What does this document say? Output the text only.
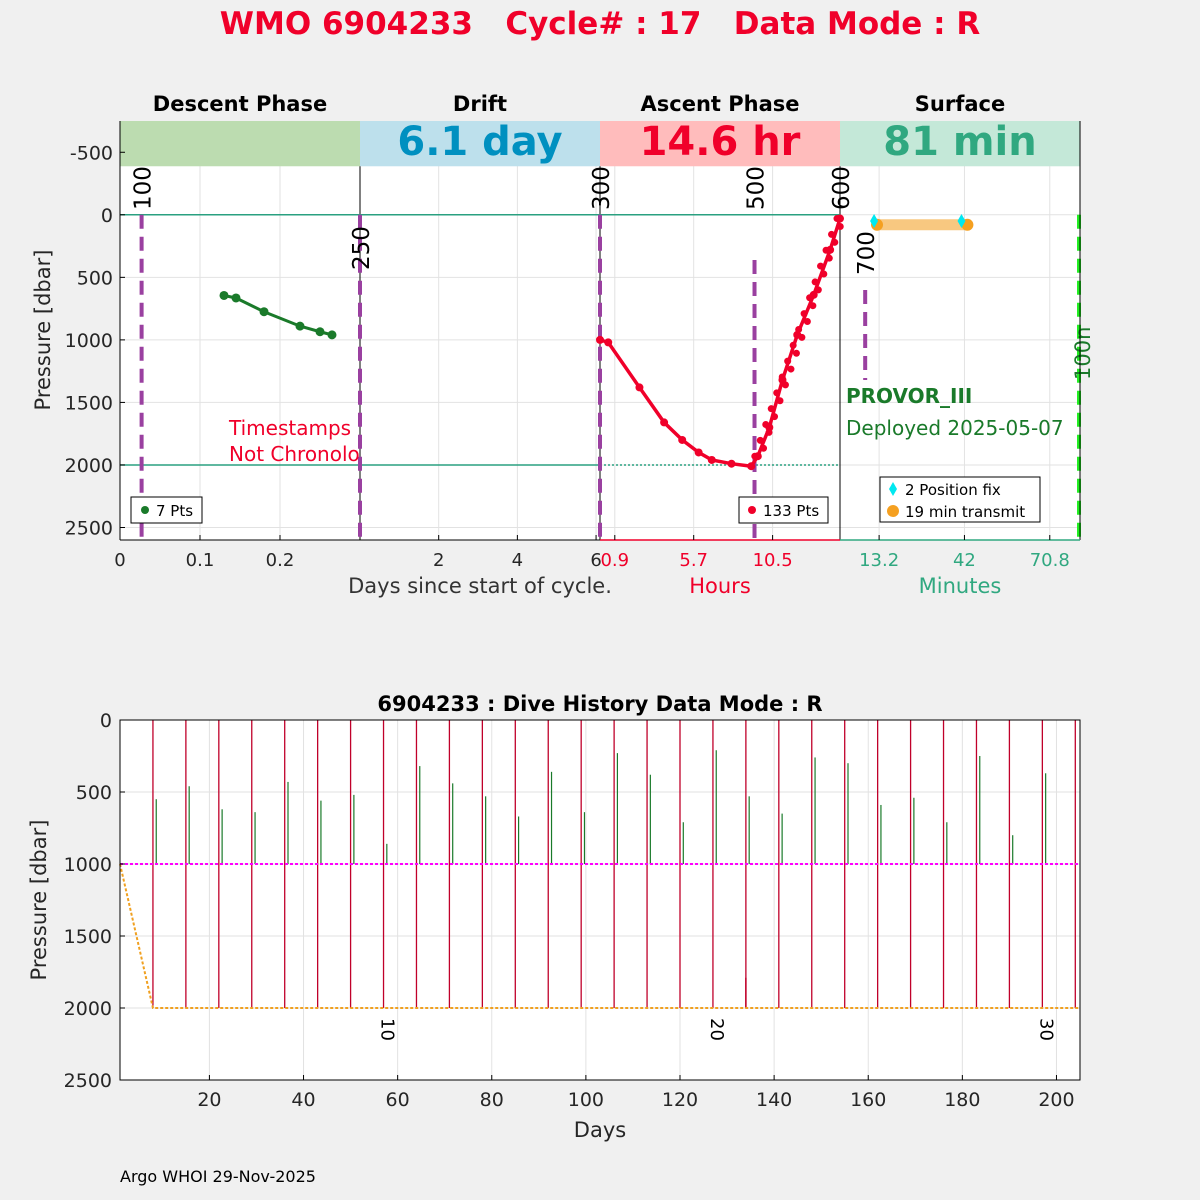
WMO 6904233   Cycle# : 17   Data Mode : R
Argo WHOI 29-Nov-2025
Descent Phase	Drift
6.1 day
Ascent Phase
14.6 hr
Surface
81 min
100
250
300	500	600
700
100n
Timestamps
Not Chronolo
PROVOR_III
Deployed 2025-05-07
7 Pts	133 Pts
2 Position fix
19 min transmit
-500
0
500
1000
1500
2000
2500
Pressure [dbar]
0	0.1	0.2	2	4	6
0.9	5.7 10.5	13.2	42	70.8
Days since start of cycle.	Hours	Minutes
10	20	30
20	40	60	80	100	120	140	160	180	200
0
500
1000
1500
2000
2500
6904233 : Dive History Data Mode : R
Days
Pressure [dbar]
